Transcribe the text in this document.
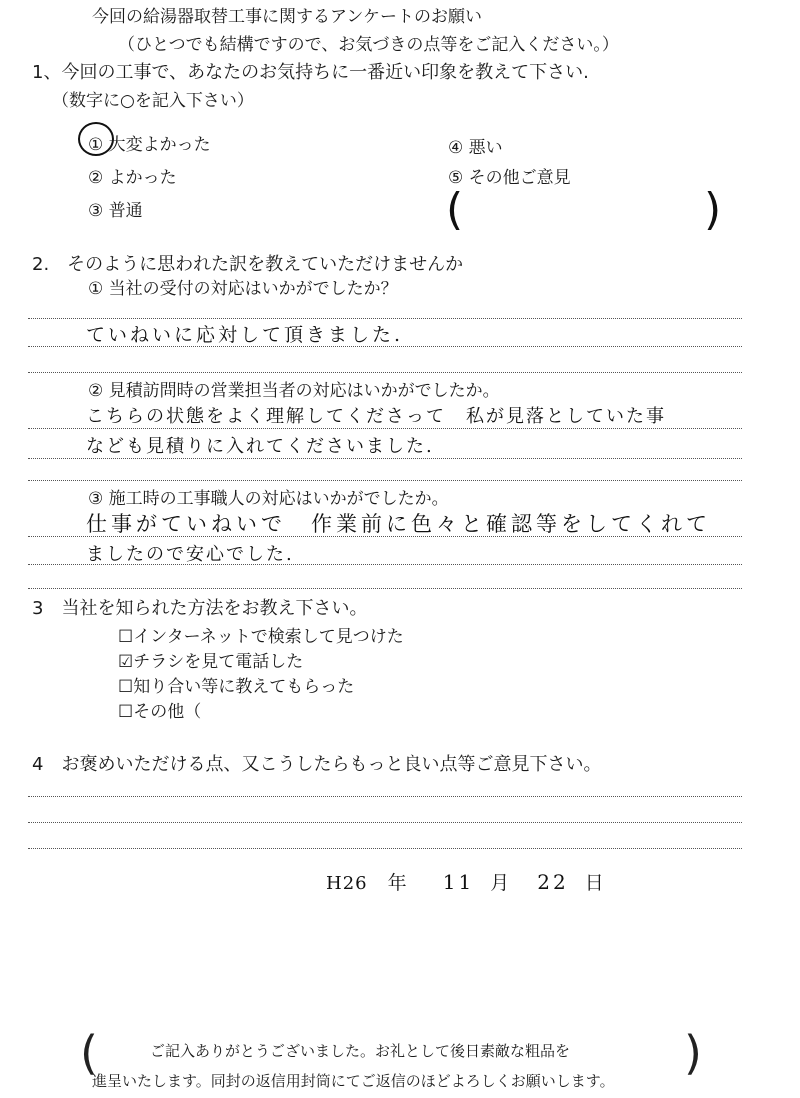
今回の給湯器取替工事に関するアンケートのお願い
（ひとつでも結構ですので、お気づきの点等をご記入ください。）
1、今回の工事で、あなたのお気持ちに一番近い印象を教えて下さい.
（数字に○を記入下さい）
① 大変よかった
② よかった
③ 普通
④ 悪い
⑤ その他ご意見
(	)
2.　そのように思われた訳を教えていただけませんか
① 当社の受付の対応はいかがでしたか？
ていねいに応対して頂きました.
② 見積訪問時の営業担当者の対応はいかがでしたか。
こちらの状態をよく理解してくださって　私が見落としていた事
なども見積りに入れてくださいました.
③ 施工時の工事職人の対応はいかがでしたか。
仕事がていねいで　作業前に色々と確認等をしてくれて
ましたので安心でした.
3　当社を知られた方法をお教え下さい。
☐インターネットで検索して見つけた
☑チラシを見て電話した
☐知り合い等に教えてもらった
☐その他（
4　お褒めいただける点、又こうしたらもっと良い点等ご意見下さい。
H26 年 11 月 22 日
(	)
ご記入ありがとうございました。お礼として後日素敵な粗品を
進呈いたします。同封の返信用封筒にてご返信のほどよろしくお願いします。
